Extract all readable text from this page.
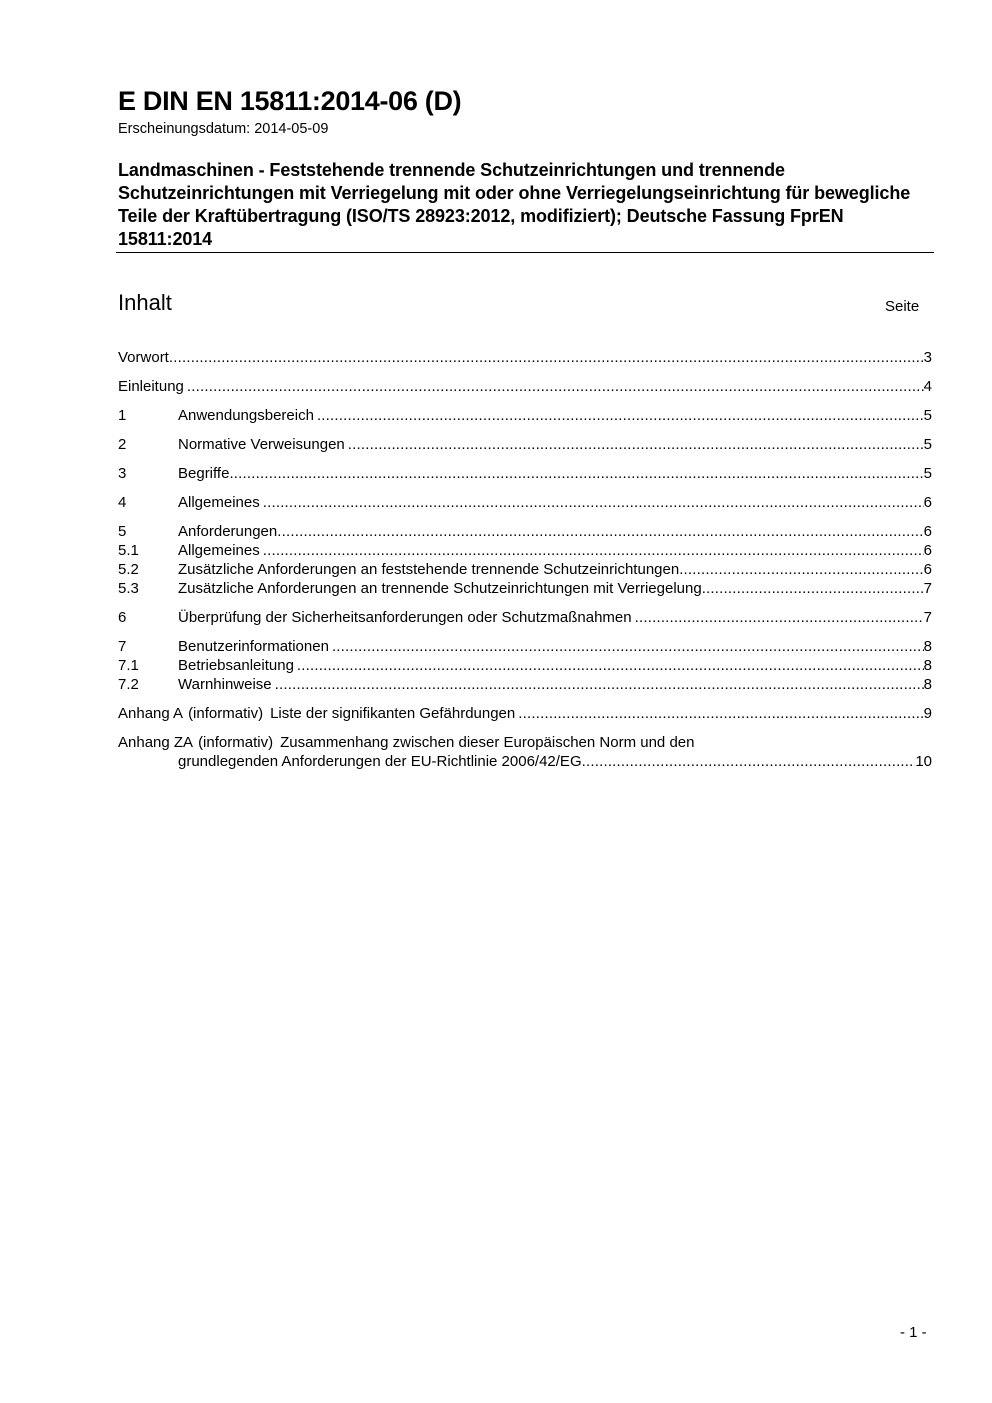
E DIN EN 15811:2014-06 (D)
Erscheinungsdatum: 2014-05-09
Landmaschinen - Feststehende trennende Schutzeinrichtungen und trennende Schutzeinrichtungen mit Verriegelung mit oder ohne Verriegelungseinrichtung für bewegliche Teile der Kraftübertragung (ISO/TS 28923:2012, modifiziert); Deutsche Fassung FprEN 15811:2014
Inhalt	Seite
Vorwort .....	3
Einleitung .....	4
1	Anwendungsbereich .....	5
2	Normative Verweisungen .....	5
3	Begriffe .....	5
4	Allgemeines .....	6
5	Anforderungen .....	6
5.1	Allgemeines .....	6
5.2	Zusätzliche Anforderungen an feststehende trennende Schutzeinrichtungen .....	6
5.3	Zusätzliche Anforderungen an trennende Schutzeinrichtungen mit Verriegelung .....	7
6	Überprüfung der Sicherheitsanforderungen oder Schutzmaßnahmen .....	7
7	Benutzerinformationen .....	8
7.1	Betriebsanleitung .....	8
7.2	Warnhinweise .....	8
Anhang A (informativ) Liste der signifikanten Gefährdungen .....	9
Anhang ZA (informativ) Zusammenhang zwischen dieser Europäischen Norm und den
grundlegenden Anforderungen der EU-Richtlinie 2006/42/EG .....	10
- 1 -
